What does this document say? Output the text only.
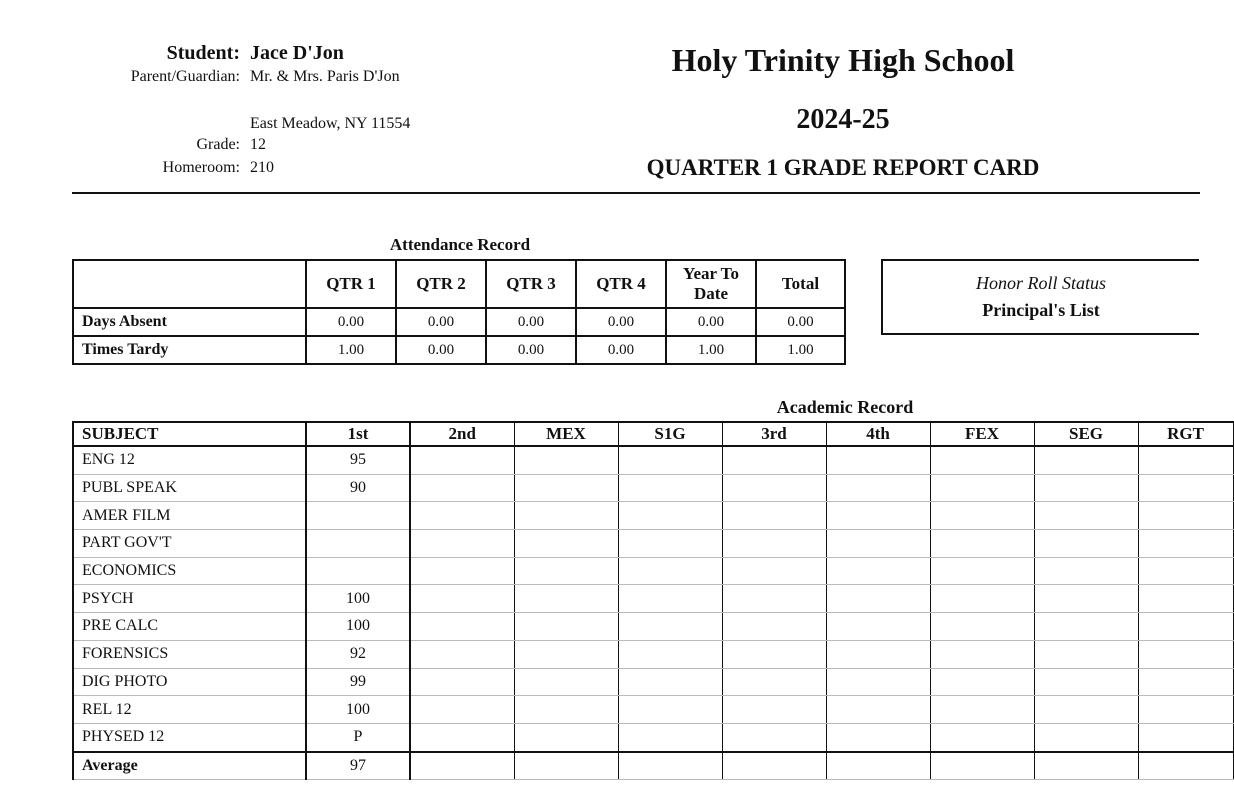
Student: Jace D'Jon
Parent/Guardian: Mr. & Mrs. Paris D'Jon
East Meadow, NY 11554
Grade: 12
Homeroom: 210
Holy Trinity High School
2024-25
QUARTER 1 GRADE REPORT CARD
Attendance Record
	QTR 1	QTR 2	QTR 3	QTR 4	Year To Date	Total
Days Absent	0.00	0.00	0.00	0.00	0.00	0.00
Times Tardy	1.00	0.00	0.00	0.00	1.00	1.00
Honor Roll Status
Principal's List
Academic Record
SUBJECT	1st	2nd	MEX	S1G	3rd	4th	FEX	SEG	RGT
ENG 12	95								
PUBL SPEAK	90								
AMER FILM									
PART GOV'T									
ECONOMICS									
PSYCH	100								
PRE CALC	100								
FORENSICS	92								
DIG PHOTO	99								
REL 12	100								
PHYSED 12	P								
Average	97								
